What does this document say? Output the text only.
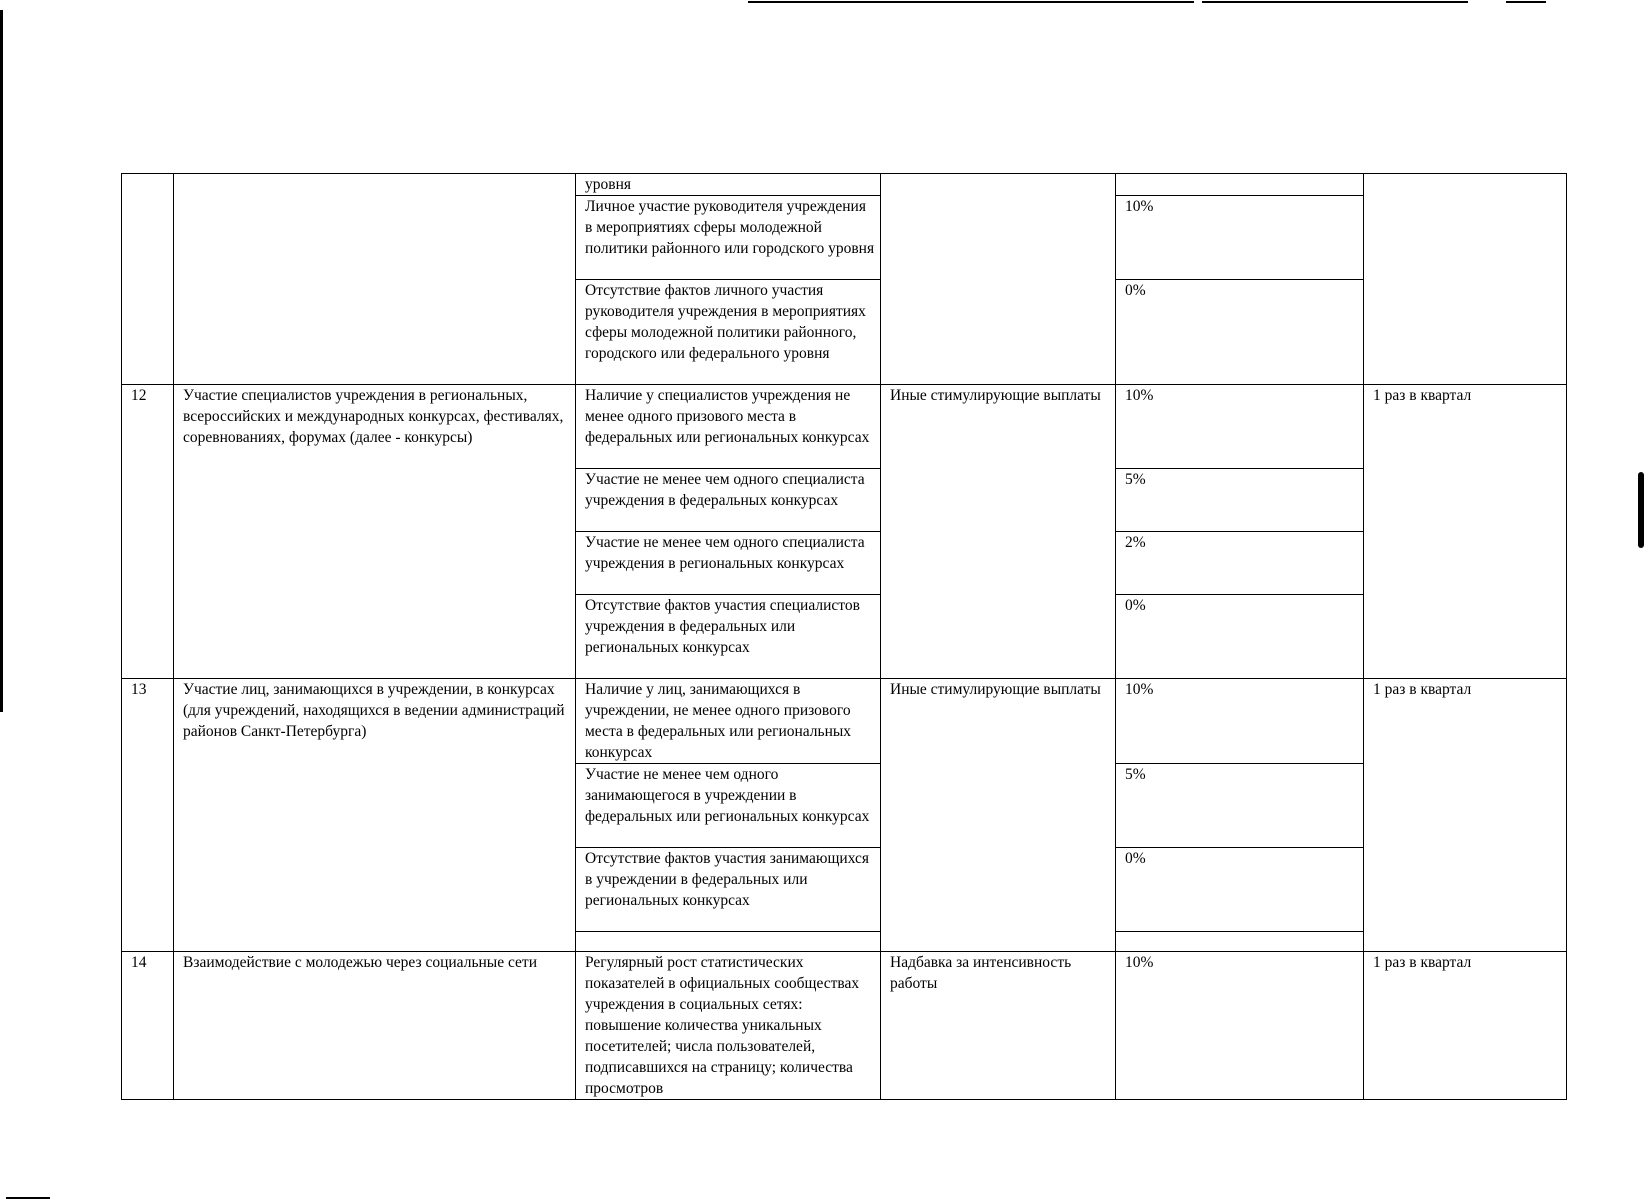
		уровня			
		Личное участие руководителя учреждения в мероприятиях сферы молодежной политики районного или городского уровня		10%	
		Отсутствие фактов личного участия руководителя учреждения в мероприятиях сферы молодежной политики районного, городского или федерального уровня		0%	
12	Участие специалистов учреждения в региональных, всероссийских и международных конкурсах, фестивалях, соревнованиях, форумах (далее - конкурсы)	Наличие у специалистов учреждения не менее одного призового места в федеральных или региональных конкурсах	Иные стимулирующие выплаты	10%	1 раз в квартал
		Участие не менее чем одного специалиста учреждения в федеральных конкурсах		5%	
		Участие не менее чем одного специалиста учреждения в региональных конкурсах		2%	
		Отсутствие фактов участия специалистов учреждения в федеральных или региональных конкурсах		0%	
13	Участие лиц, занимающихся в учреждении, в конкурсах (для учреждений, находящихся в ведении администраций районов Санкт-Петербурга)	Наличие у лиц, занимающихся в учреждении, не менее одного призового места в федеральных или региональных конкурсах	Иные стимулирующие выплаты	10%	1 раз в квартал
		Участие не менее чем одного занимающегося в учреждении в федеральных или региональных конкурсах		5%	
		Отсутствие фактов участия занимающихся в учреждении в федеральных или региональных конкурсах		0%	

14	Взаимодействие с молодежью через социальные сети	Регулярный рост статистических показателей в официальных сообществах учреждения в социальных сетях: повышение количества уникальных посетителей; числа пользователей, подписавшихся на страницу; количества просмотров	Надбавка за интенсивность работы	10%	1 раз в квартал
